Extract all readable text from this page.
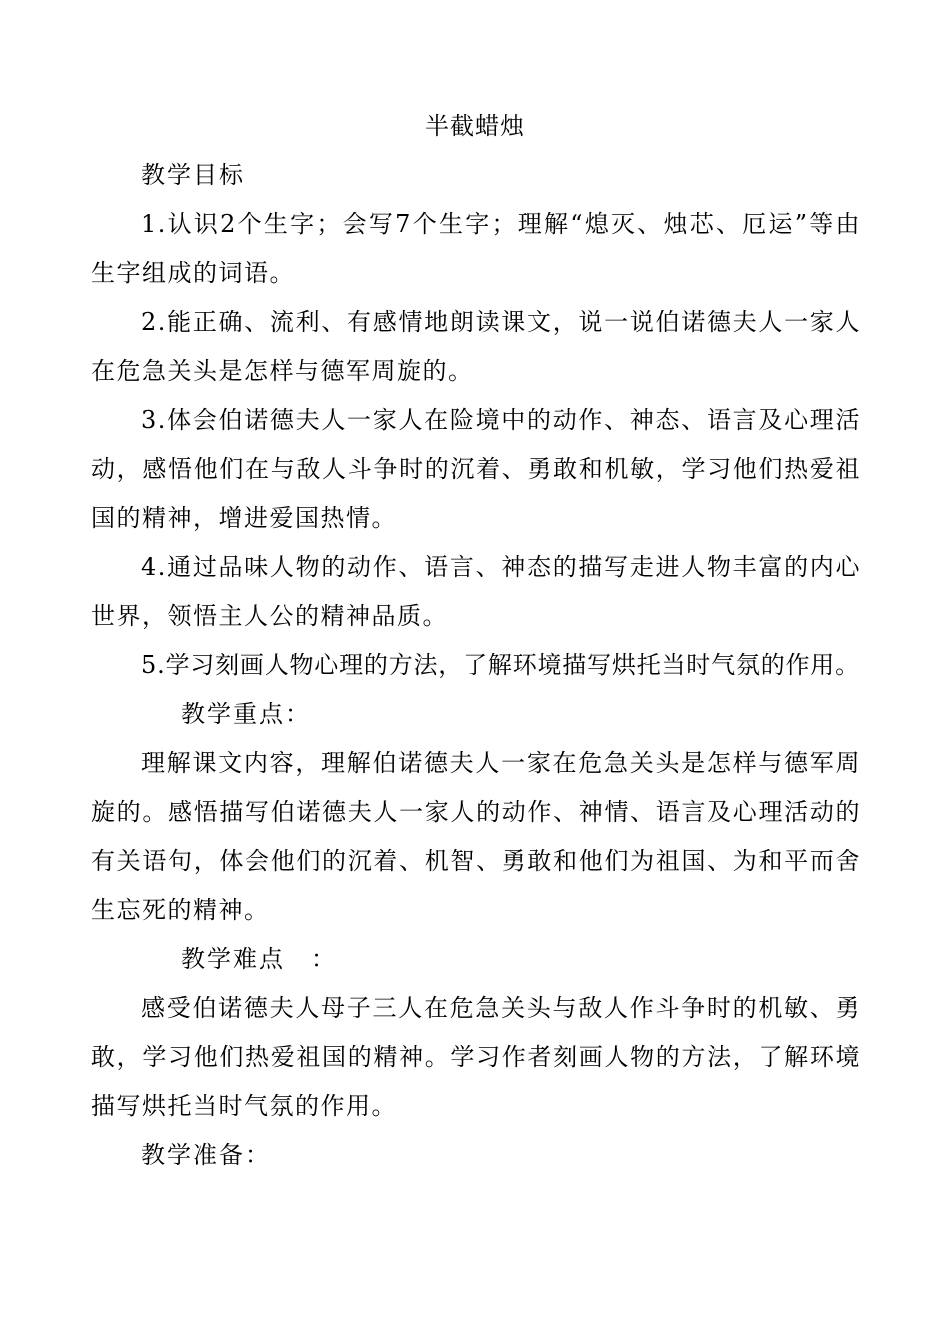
半截蜡烛
教学目标
1.认识2个生字；会写7个生字；理解“熄灭、烛芯、厄运”等由生字组成的词语。
2.能正确、流利、有感情地朗读课文，说一说伯诺德夫人一家人在危急关头是怎样与德军周旋的。
3.体会伯诺德夫人一家人在险境中的动作、神态、语言及心理活动，感悟他们在与敌人斗争时的沉着、勇敢和机敏，学习他们热爱祖国的精神，增进爱国热情。
4.通过品味人物的动作、语言、神态的描写走进人物丰富的内心世界，领悟主人公的精神品质。
5.学习刻画人物心理的方法，了解环境描写烘托当时气氛的作用。
教学重点：
理解课文内容，理解伯诺德夫人一家在危急关头是怎样与德军周旋的。感悟描写伯诺德夫人一家人的动作、神情、语言及心理活动的有关语句，体会他们的沉着、机智、勇敢和他们为祖国、为和平而舍生忘死的精神。
教学难点　：
感受伯诺德夫人母子三人在危急关头与敌人作斗争时的机敏、勇敢，学习他们热爱祖国的精神。学习作者刻画人物的方法，了解环境描写烘托当时气氛的作用。
教学准备：
